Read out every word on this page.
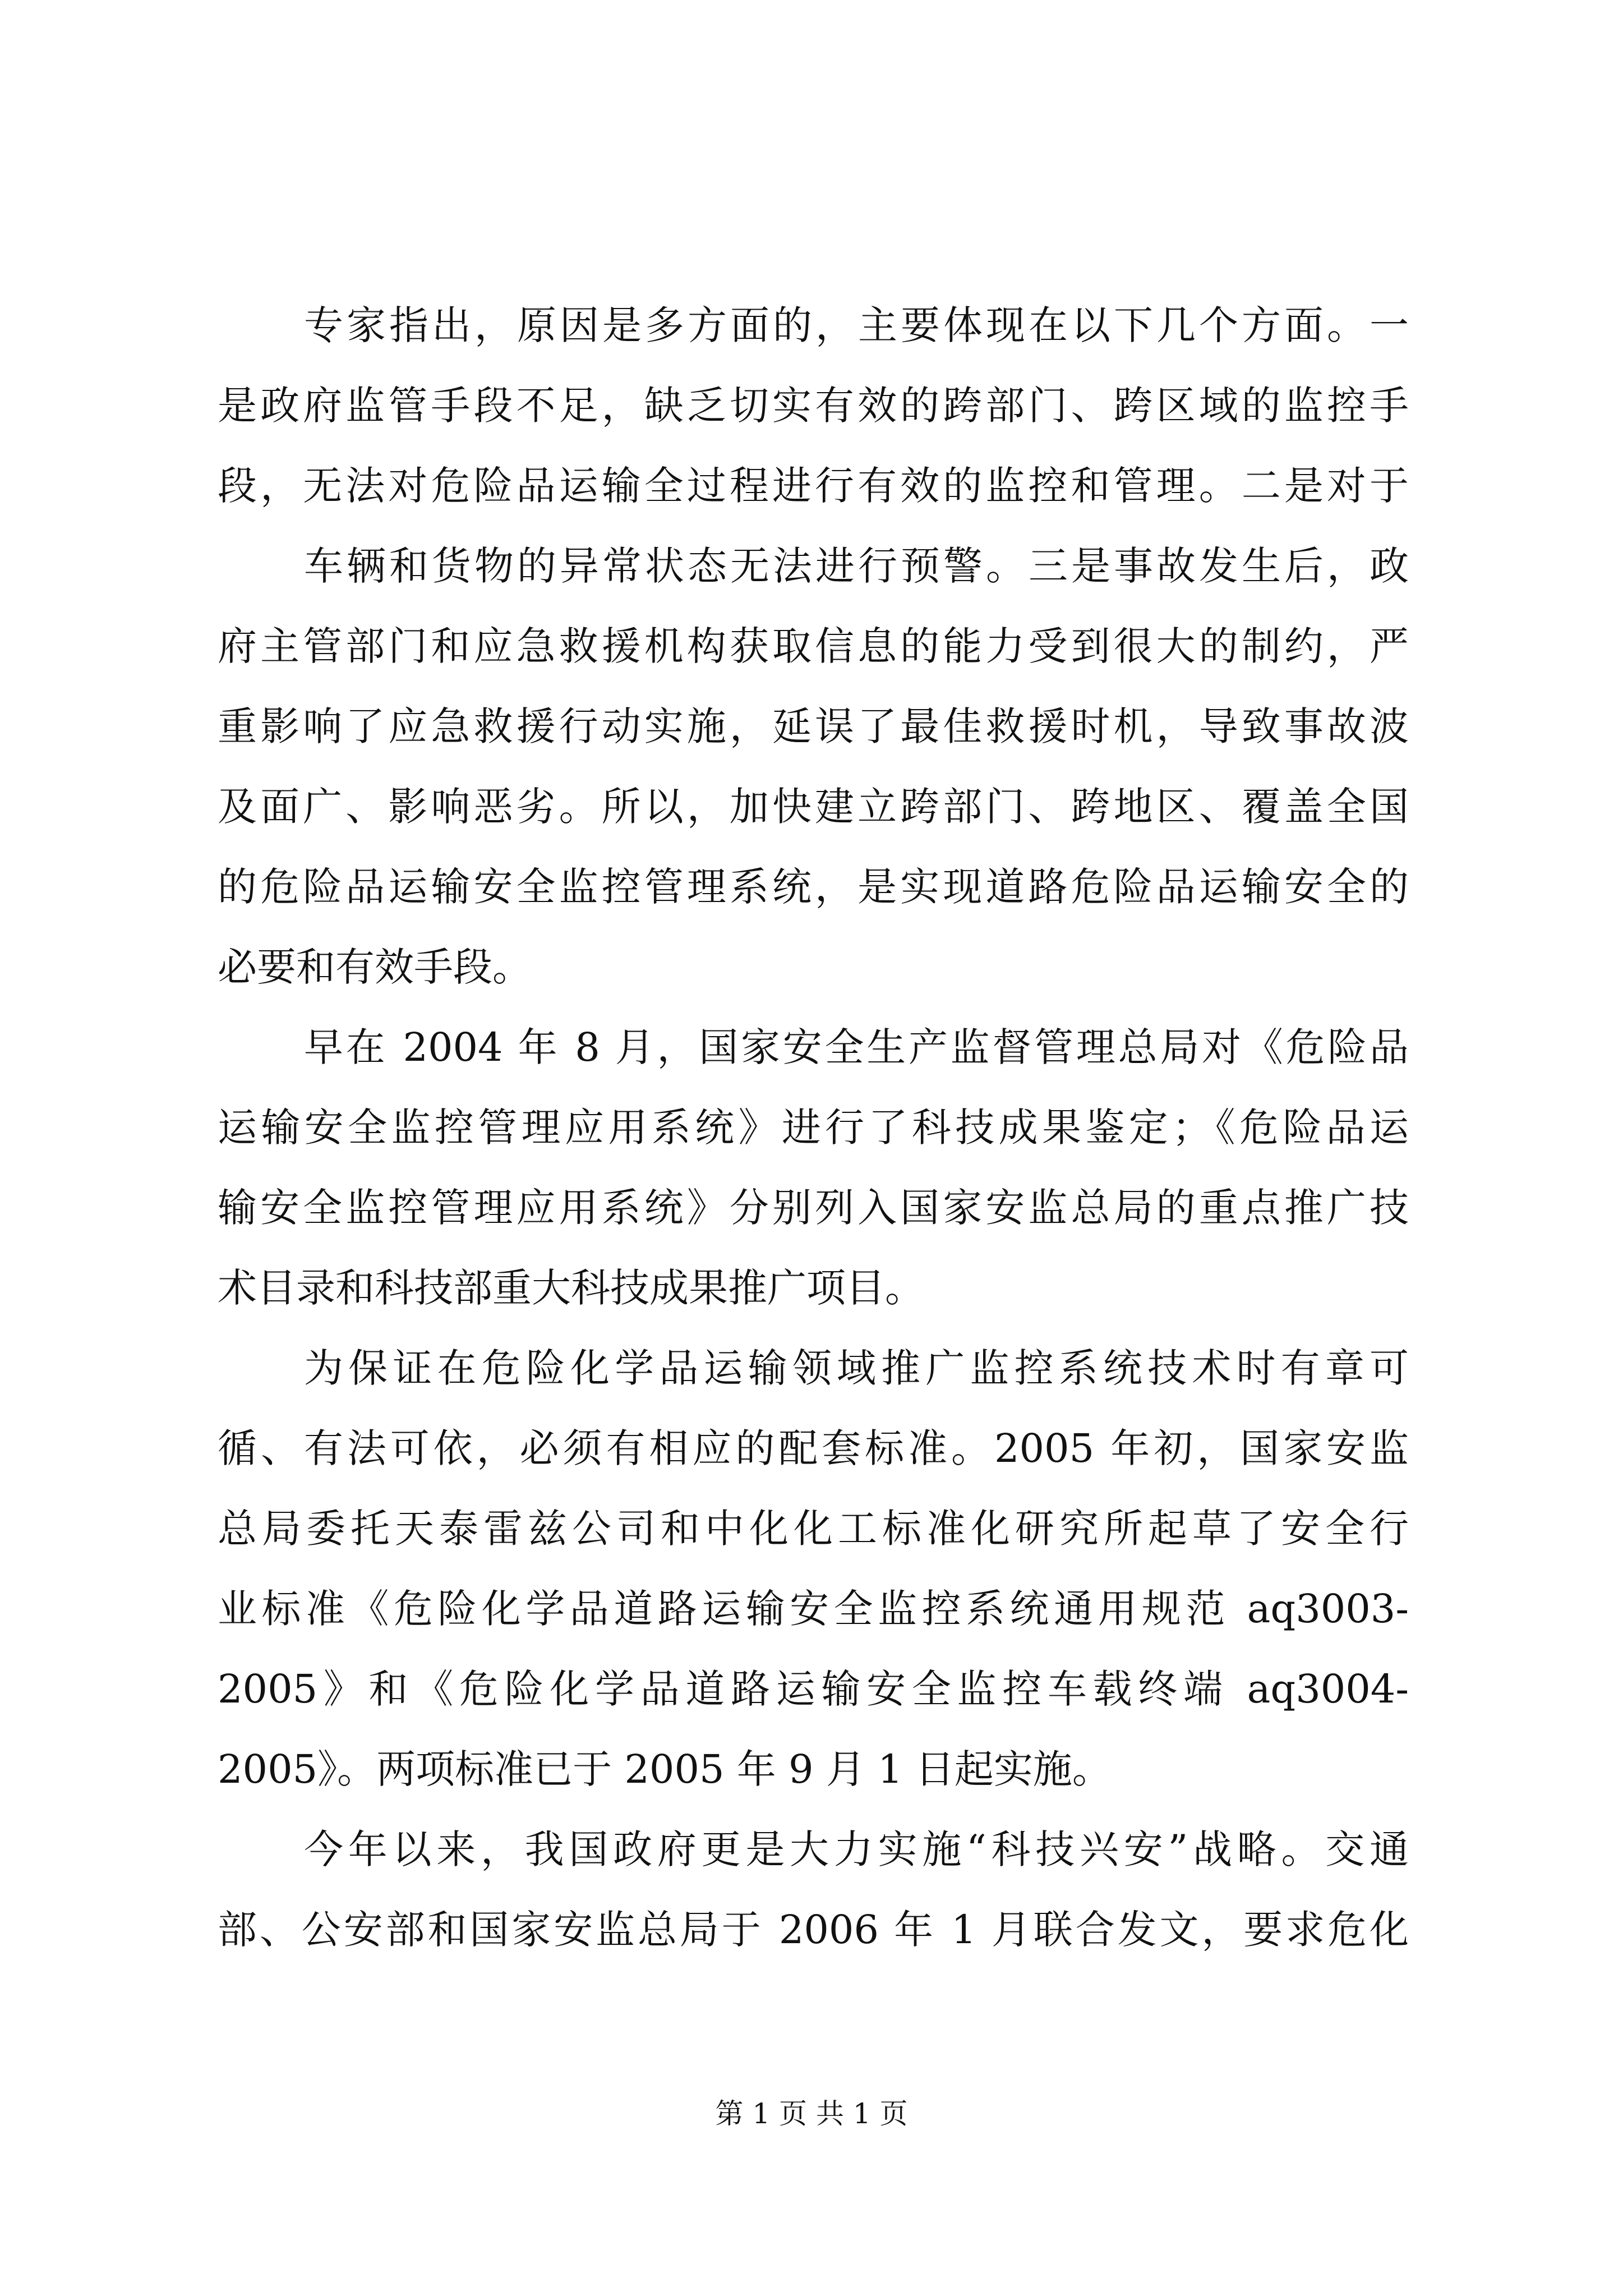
专家指出，原因是多方面的，主要体现在以下几个方面。一
是政府监管手段不足，缺乏切实有效的跨部门、跨区域的监控手
段，无法对危险品运输全过程进行有效的监控和管理。二是对于
车辆和货物的异常状态无法进行预警。三是事故发生后，政
府主管部门和应急救援机构获取信息的能力受到很大的制约，严
重影响了应急救援行动实施，延误了最佳救援时机，导致事故波
及面广、影响恶劣。所以，加快建立跨部门、跨地区、覆盖全国
的危险品运输安全监控管理系统，是实现道路危险品运输安全的
必要和有效手段。
早在 2004 年 8 月，国家安全生产监督管理总局对《危险品
运输安全监控管理应用系统》进行了科技成果鉴定；《危险品运
输安全监控管理应用系统》分别列入国家安监总局的重点推广技
术目录和科技部重大科技成果推广项目。
为保证在危险化学品运输领域推广监控系统技术时有章可
循、有法可依，必须有相应的配套标准。2005 年初，国家安监
总局委托天泰雷兹公司和中化化工标准化研究所起草了安全行
业标准《危险化学品道路运输安全监控系统通用规范 aq3003-
2005》和《危险化学品道路运输安全监控车载终端 aq3004-
2005》。两项标准已于 2005 年 9 月 1 日起实施。
今年以来，我国政府更是大力实施“科技兴安”战略。交通
部、公安部和国家安监总局于 2006 年 1 月联合发文，要求危化
第 1 页 共 1 页
